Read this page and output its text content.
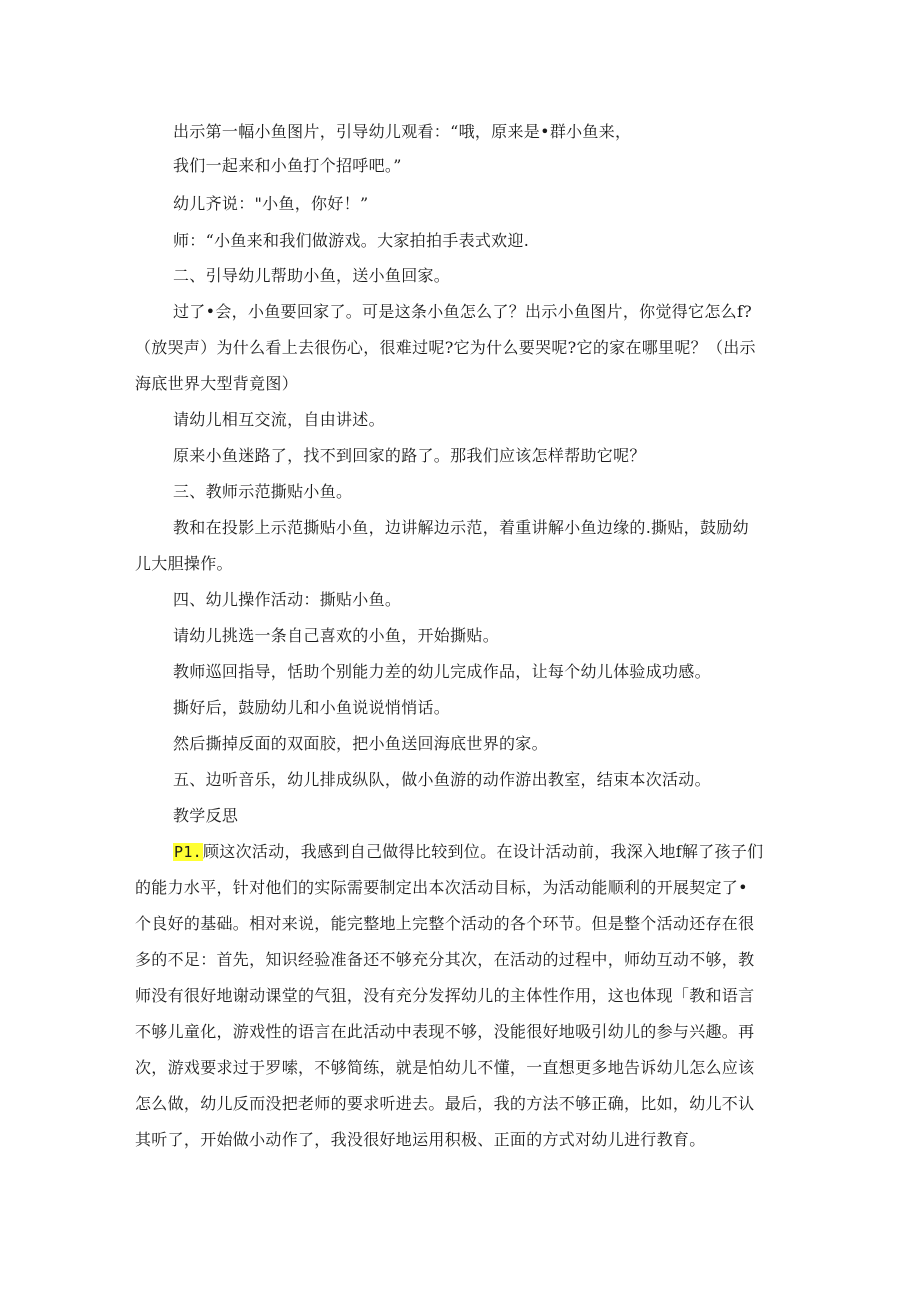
出示第一幅小鱼图片，引导幼儿观看：“哦，原来是•群小鱼来，
我们一起来和小鱼打个招呼吧。”
幼儿齐说："小鱼，你好！”
师：“小鱼来和我们做游戏。大家拍拍手表式欢迎.
二、引导幼儿帮助小鱼，送小鱼回家。
过了•会，小鱼要回家了。可是这条小鱼怎么了？出示小鱼图片，你觉得它怎么f?
（放哭声）为什么看上去很伤心，很难过呢?它为什么要哭呢?它的家在哪里呢？（出示
海底世界大型背竟图）
请幼儿相互交流，自由讲述。
原来小鱼迷路了，找不到回家的路了。那我们应该怎样帮助它呢？
三、教师示范撕贴小鱼。
教和在投影上示范撕贴小鱼，边讲解边示范，着重讲解小鱼边缘的.撕贴，鼓励幼
儿大胆操作。
四、幼儿操作活动：撕贴小鱼。
请幼儿挑选一条自己喜欢的小鱼，开始撕贴。
教师巡回指导，恬助个别能力差的幼儿完成作品，让每个幼儿体验成功感。
撕好后，鼓励幼儿和小鱼说说悄悄话。
然后撕掉反面的双面胶，把小鱼送回海底世界的家。
五、边听音乐，幼儿排成纵队，做小鱼游的动作游出教室，结束本次活动。
教学反思
P1.顾这次活动，我感到自己做得比较到位。在设计活动前，我深入地f解了孩子们
的能力水平，针对他们的实际需要制定出本次活动目标，为活动能顺利的开展契定了•
个良好的基础。相对来说，能完整地上完整个活动的各个环节。但是整个活动还存在很
多的不足：首先，知识经验准备还不够充分其次，在活动的过程中，师幼互动不够，教
师没有很好地谢动课堂的气狙，没有充分发挥幼儿的主体性作用，这也体现「教和语言
不够儿童化，游戏性的语言在此活动中表现不够，没能很好地吸引幼儿的参与兴趣。再
次，游戏要求过于罗嗦，不够简练，就是怕幼儿不懂，一直想更多地告诉幼儿怎么应该
怎么做，幼儿反而没把老师的要求听进去。最后，我的方法不够正确，比如，幼儿不认
其听了，开始做小动作了，我没很好地运用积极、正面的方式对幼儿进行教育。
